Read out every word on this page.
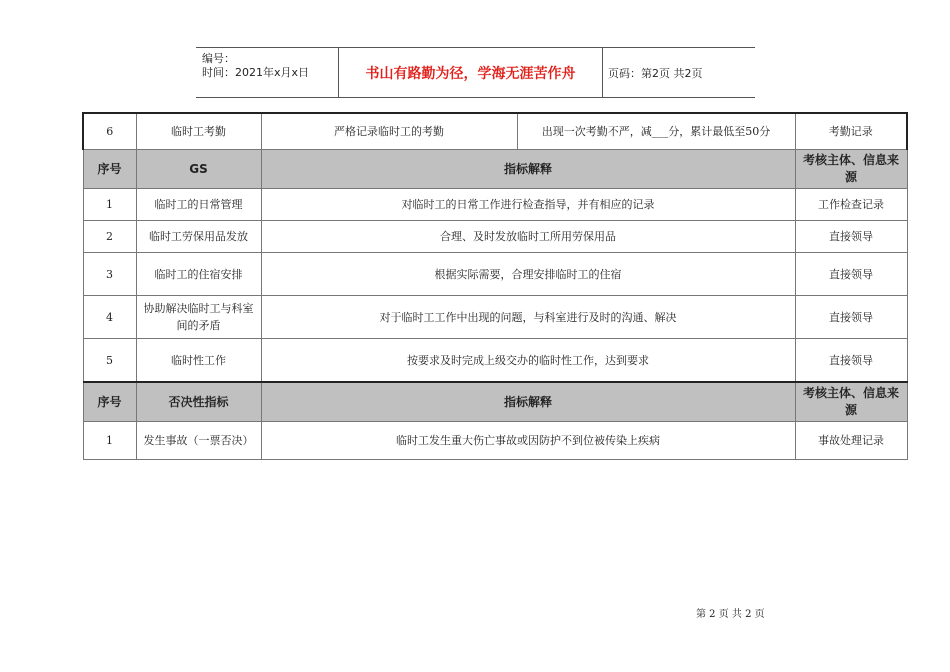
编号：
时间：2021年x月x日	书山有路勤为径，学海无涯苦作舟	页码：第2页 共2页
6	临时工考勤	严格记录临时工的考勤	出现一次考勤不严，减___分，累计最低至50分	考勤记录
序号	GS	指标解释		考核主体、信息来源
1	临时工的日常管理	对临时工的日常工作进行检查指导，并有相应的记录		工作检查记录
2	临时工劳保用品发放	合理、及时发放临时工所用劳保用品		直接领导
3	临时工的住宿安排	根据实际需要，合理安排临时工的住宿		直接领导
4	协助解决临时工与科室间的矛盾	对于临时工工作中出现的问题，与科室进行及时的沟通、解决		直接领导
5	临时性工作	按要求及时完成上级交办的临时性工作，达到要求		直接领导
序号	否决性指标	指标解释		考核主体、信息来源
1	发生事故（一票否决）	临时工发生重大伤亡事故或因防护不到位被传染上疾病		事故处理记录
第 2 页 共 2 页
